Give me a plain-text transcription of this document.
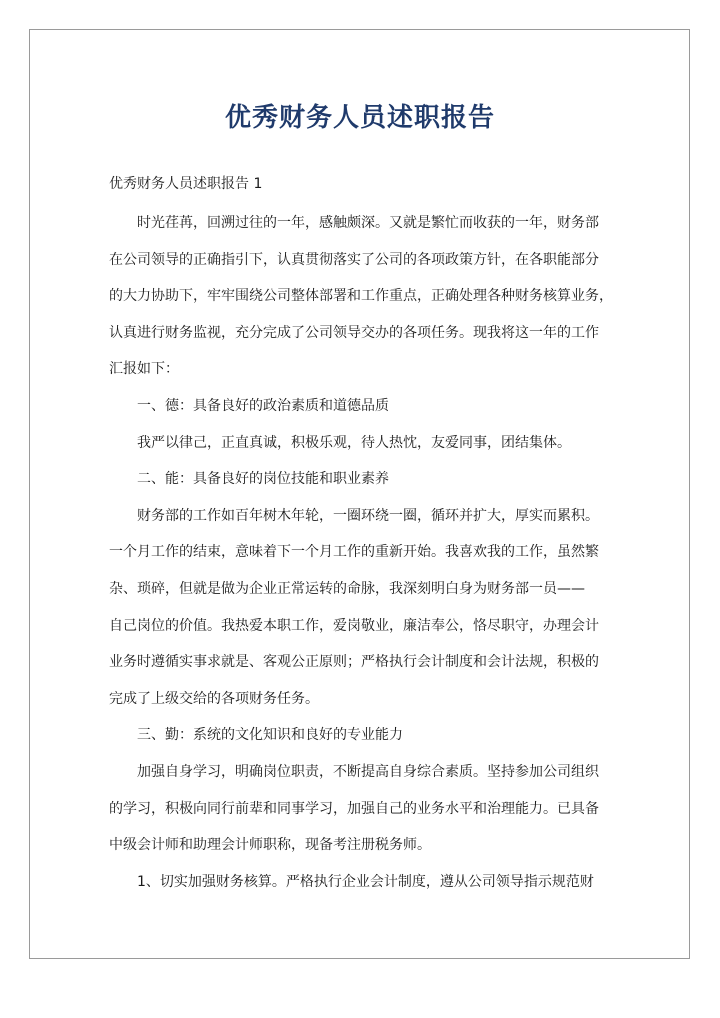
优秀财务人员述职报告
优秀财务人员述职报告 1
时光荏苒，回溯过往的一年，感触颇深。又就是繁忙而收获的一年，财务部
在公司领导的正确指引下，认真贯彻落实了公司的各项政策方针，在各职能部分
的大力协助下，牢牢围绕公司整体部署和工作重点，正确处理各种财务核算业务，
认真进行财务监视，充分完成了公司领导交办的各项任务。现我将这一年的工作
汇报如下：
一、德：具备良好的政治素质和道德品质
我严以律己，正直真诚，积极乐观，待人热忱，友爱同事，团结集体。
二、能：具备良好的岗位技能和职业素养
财务部的工作如百年树木年轮，一圈环绕一圈，循环并扩大，厚实而累积。
一个月工作的结束，意味着下一个月工作的重新开始。我喜欢我的工作，虽然繁
杂、琐碎，但就是做为企业正常运转的命脉，我深刻明白身为财务部一员——
自己岗位的价值。我热爱本职工作，爱岗敬业，廉洁奉公，恪尽职守，办理会计
业务时遵循实事求就是、客观公正原则；严格执行会计制度和会计法规，积极的
完成了上级交给的各项财务任务。
三、勤：系统的文化知识和良好的专业能力
加强自身学习，明确岗位职责，不断提高自身综合素质。坚持参加公司组织
的学习，积极向同行前辈和同事学习，加强自己的业务水平和治理能力。已具备
中级会计师和助理会计师职称，现备考注册税务师。
1、切实加强财务核算。严格执行企业会计制度，遵从公司领导指示规范财
